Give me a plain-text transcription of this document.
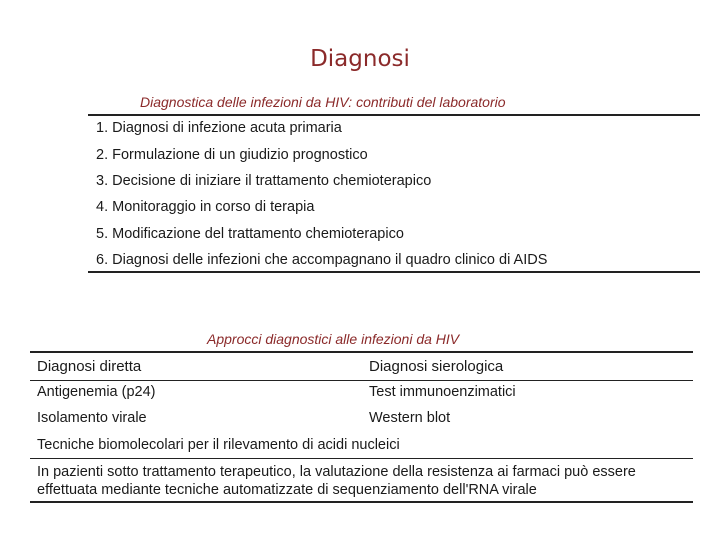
Diagnosi
Diagnostica delle infezioni da HIV: contributi del laboratorio
1. Diagnosi di infezione acuta primaria
2. Formulazione di un giudizio prognostico
3. Decisione di iniziare il trattamento chemioterapico
4. Monitoraggio in corso di terapia
5. Modificazione del trattamento chemioterapico
6. Diagnosi delle infezioni che accompagnano il quadro clinico di AIDS
Approcci diagnostici alle infezioni da HIV
Diagnosi diretta	Diagnosi sierologica
Antigenemia (p24)	Test immunoenzimatici
Isolamento virale	Western blot
Tecniche biomolecolari per il rilevamento di acidi nucleici
In pazienti sotto trattamento terapeutico, la valutazione della resistenza ai farmaci può essere effettuata mediante tecniche automatizzate di sequenziamento dell'RNA virale
